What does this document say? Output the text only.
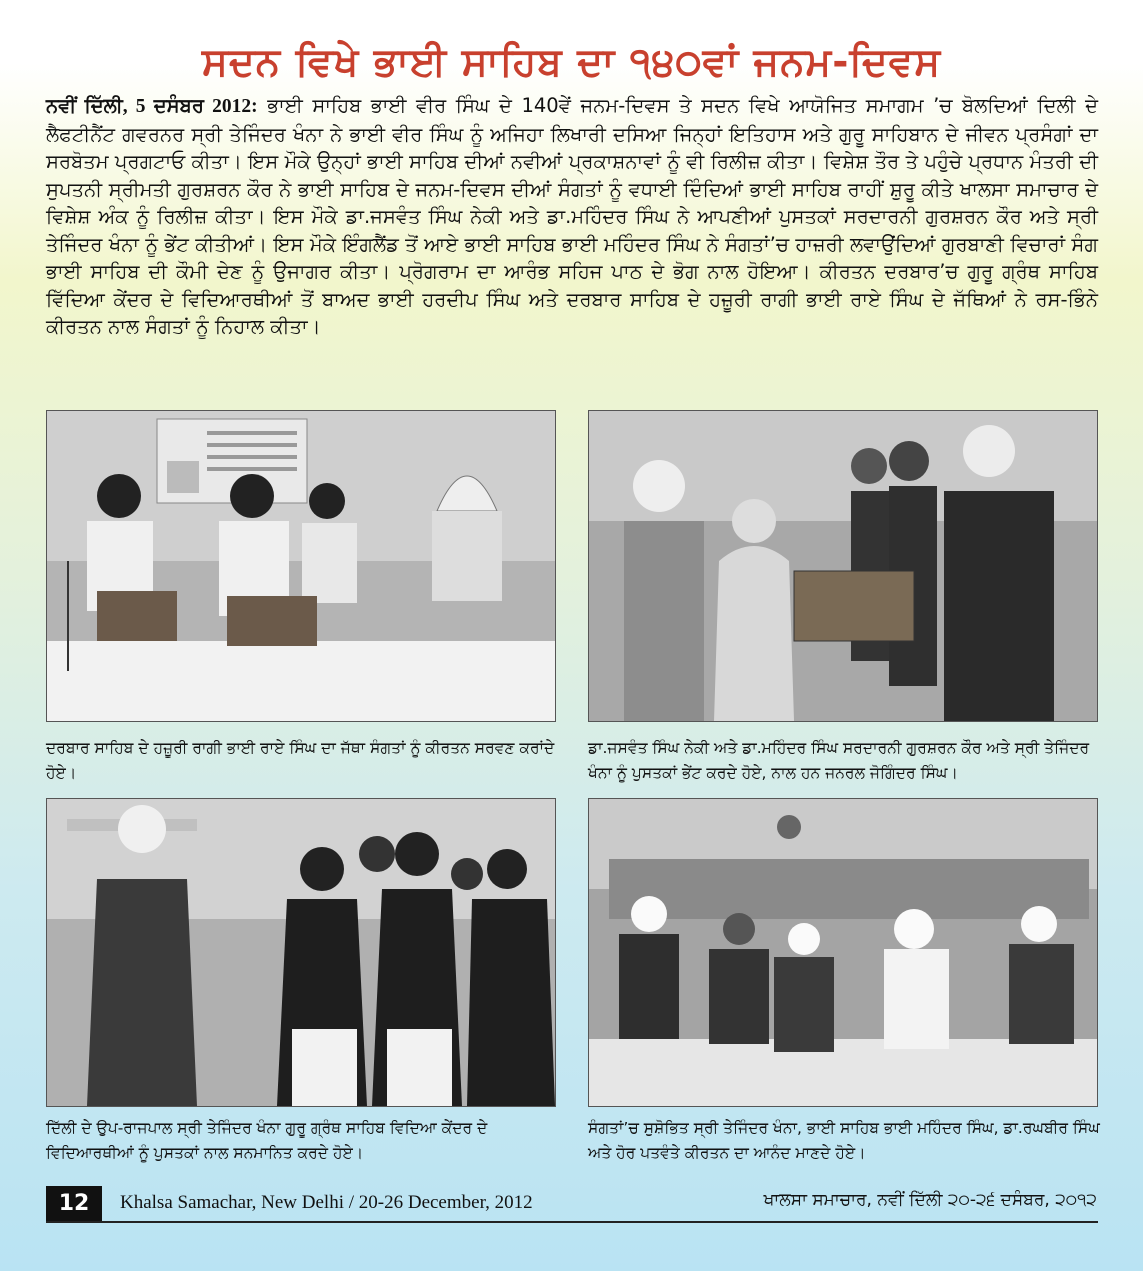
ਸਦਨ ਵਿਖੇ ਭਾਈ ਸਾਹਿਬ ਦਾ ੧੪੦ਵਾਂ ਜਨਮ-ਦਿਵਸ

ਨਵੀਂ ਦਿੱਲੀ, 5 ਦਸੰਬਰ 2012: ਭਾਈ ਸਾਹਿਬ ਭਾਈ ਵੀਰ ਸਿੰਘ ਦੇ 140ਵੇਂ ਜਨਮ-ਦਿਵਸ ਤੇ ਸਦਨ ਵਿਖੇ ਆਯੋਜਿਤ ਸਮਾਗਮ ’ਚ ਬੋਲਦਿਆਂ ਦਿਲੀ ਦੇ ਲੈਫਟੀਨੈਂਟ ਗਵਰਨਰ ਸ੍ਰੀ ਤੇਜਿੰਦਰ ਖੰਨਾ ਨੇ ਭਾਈ ਵੀਰ ਸਿੰਘ ਨੂੰ ਅਜਿਹਾ ਲਿਖਾਰੀ ਦਸਿਆ ਜਿਨ੍ਹਾਂ ਇਤਿਹਾਸ ਅਤੇ ਗੁਰੂ ਸਾਹਿਬਾਨ ਦੇ ਜੀਵਨ ਪ੍ਰਸੰਗਾਂ ਦਾ ਸਰਬੋਤਮ ਪ੍ਰਗਟਾਓ ਕੀਤਾ। ਇਸ ਮੌਕੇ ਉਨ੍ਹਾਂ ਭਾਈ ਸਾਹਿਬ ਦੀਆਂ ਨਵੀਆਂ ਪ੍ਰਕਾਸ਼ਨਾਵਾਂ ਨੂੰ ਵੀ ਰਿਲੀਜ਼ ਕੀਤਾ। ਵਿਸ਼ੇਸ਼ ਤੌਰ ਤੇ ਪਹੁੰਚੇ ਪ੍ਰਧਾਨ ਮੰਤਰੀ ਦੀ ਸੁਪਤਨੀ ਸ੍ਰੀਮਤੀ ਗੁਰਸ਼ਰਨ ਕੌਰ ਨੇ ਭਾਈ ਸਾਹਿਬ ਦੇ ਜਨਮ-ਦਿਵਸ ਦੀਆਂ ਸੰਗਤਾਂ ਨੂੰ ਵਧਾਈ ਦਿੰਦਿਆਂ ਭਾਈ ਸਾਹਿਬ ਰਾਹੀਂ ਸ਼ੁਰੂ ਕੀਤੇ ਖਾਲਸਾ ਸਮਾਚਾਰ ਦੇ ਵਿਸ਼ੇਸ਼ ਅੰਕ ਨੂੰ ਰਿਲੀਜ਼ ਕੀਤਾ। ਇਸ ਮੌਕੇ ਡਾ.ਜਸਵੰਤ ਸਿੰਘ ਨੇਕੀ ਅਤੇ ਡਾ.ਮਹਿੰਦਰ ਸਿੰਘ ਨੇ ਆਪਣੀਆਂ ਪੁਸਤਕਾਂ ਸਰਦਾਰਨੀ ਗੁਰਸ਼ਰਨ ਕੌਰ ਅਤੇ ਸ੍ਰੀ ਤੇਜਿੰਦਰ ਖੰਨਾ ਨੂੰ ਭੇਂਟ ਕੀਤੀਆਂ। ਇਸ ਮੌਕੇ ਇੰਗਲੈਂਡ ਤੋਂ ਆਏ ਭਾਈ ਸਾਹਿਬ ਭਾਈ ਮਹਿੰਦਰ ਸਿੰਘ ਨੇ ਸੰਗਤਾਂ’ਚ ਹਾਜ਼ਰੀ ਲਵਾਉਂਦਿਆਂ ਗੁਰਬਾਣੀ ਵਿਚਾਰਾਂ ਸੰਗ ਭਾਈ ਸਾਹਿਬ ਦੀ ਕੌਮੀ ਦੇਣ ਨੂੰ ਉਜਾਗਰ ਕੀਤਾ। ਪ੍ਰੋਗਰਾਮ ਦਾ ਆਰੰਭ ਸਹਿਜ ਪਾਠ ਦੇ ਭੋਗ ਨਾਲ ਹੋਇਆ। ਕੀਰਤਨ ਦਰਬਾਰ’ਚ ਗੁਰੂ ਗ੍ਰੰਥ ਸਾਹਿਬ ਵਿੱਦਿਆ ਕੇਂਦਰ ਦੇ ਵਿਦਿਆਰਥੀਆਂ ਤੋਂ ਬਾਅਦ ਭਾਈ ਹਰਦੀਪ ਸਿੰਘ ਅਤੇ ਦਰਬਾਰ ਸਾਹਿਬ ਦੇ ਹਜ਼ੂਰੀ ਰਾਗੀ ਭਾਈ ਰਾਏ ਸਿੰਘ ਦੇ ਜੱਥਿਆਂ ਨੇ ਰਸ-ਭਿੰਨੇ ਕੀਰਤਨ ਨਾਲ ਸੰਗਤਾਂ ਨੂੰ ਨਿਹਾਲ ਕੀਤਾ।

ਦਰਬਾਰ ਸਾਹਿਬ ਦੇ ਹਜ਼ੂਰੀ ਰਾਗੀ ਭਾਈ ਰਾਏ ਸਿੰਘ ਦਾ ਜੱਥਾ ਸੰਗਤਾਂ ਨੂੰ ਕੀਰਤਨ ਸਰਵਣ ਕਰਾਂਦੇ ਹੋਏ।

ਡਾ.ਜਸਵੰਤ ਸਿੰਘ ਨੇਕੀ ਅਤੇ ਡਾ.ਮਹਿੰਦਰ ਸਿੰਘ ਸਰਦਾਰਨੀ ਗੁਰਸ਼ਰਨ ਕੌਰ ਅਤੇ ਸ੍ਰੀ ਤੇਜਿੰਦਰ ਖੰਨਾ ਨੂੰ ਪੁਸਤਕਾਂ ਭੇਂਟ ਕਰਦੇ ਹੋਏ, ਨਾਲ ਹਨ ਜਨਰਲ ਜੋਗਿੰਦਰ ਸਿੰਘ।

ਦਿੱਲੀ ਦੇ ਉਪ-ਰਾਜਪਾਲ ਸ੍ਰੀ ਤੇਜਿੰਦਰ ਖੰਨਾ ਗੁਰੂ ਗ੍ਰੰਥ ਸਾਹਿਬ ਵਿਦਿਆ ਕੇਂਦਰ ਦੇ ਵਿਦਿਆਰਥੀਆਂ ਨੂੰ ਪੁਸਤਕਾਂ ਨਾਲ ਸਨਮਾਨਿਤ ਕਰਦੇ ਹੋਏ।

ਸੰਗਤਾਂ’ਚ ਸੁਸ਼ੋਭਿਤ ਸ੍ਰੀ ਤੇਜਿੰਦਰ ਖੰਨਾ, ਭਾਈ ਸਾਹਿਬ ਭਾਈ ਮਹਿੰਦਰ ਸਿੰਘ, ਡਾ.ਰਘਬੀਰ ਸਿੰਘ ਅਤੇ ਹੋਰ ਪਤਵੰਤੇ ਕੀਰਤਨ ਦਾ ਆਨੰਦ ਮਾਣਦੇ ਹੋਏ।

12	Khalsa Samachar, New Delhi / 20-26 December, 2012	ਖਾਲਸਾ ਸਮਾਚਾਰ, ਨਵੀਂ ਦਿੱਲੀ ੨੦-੨੬ ਦਸੰਬਰ, ੨੦੧੨
